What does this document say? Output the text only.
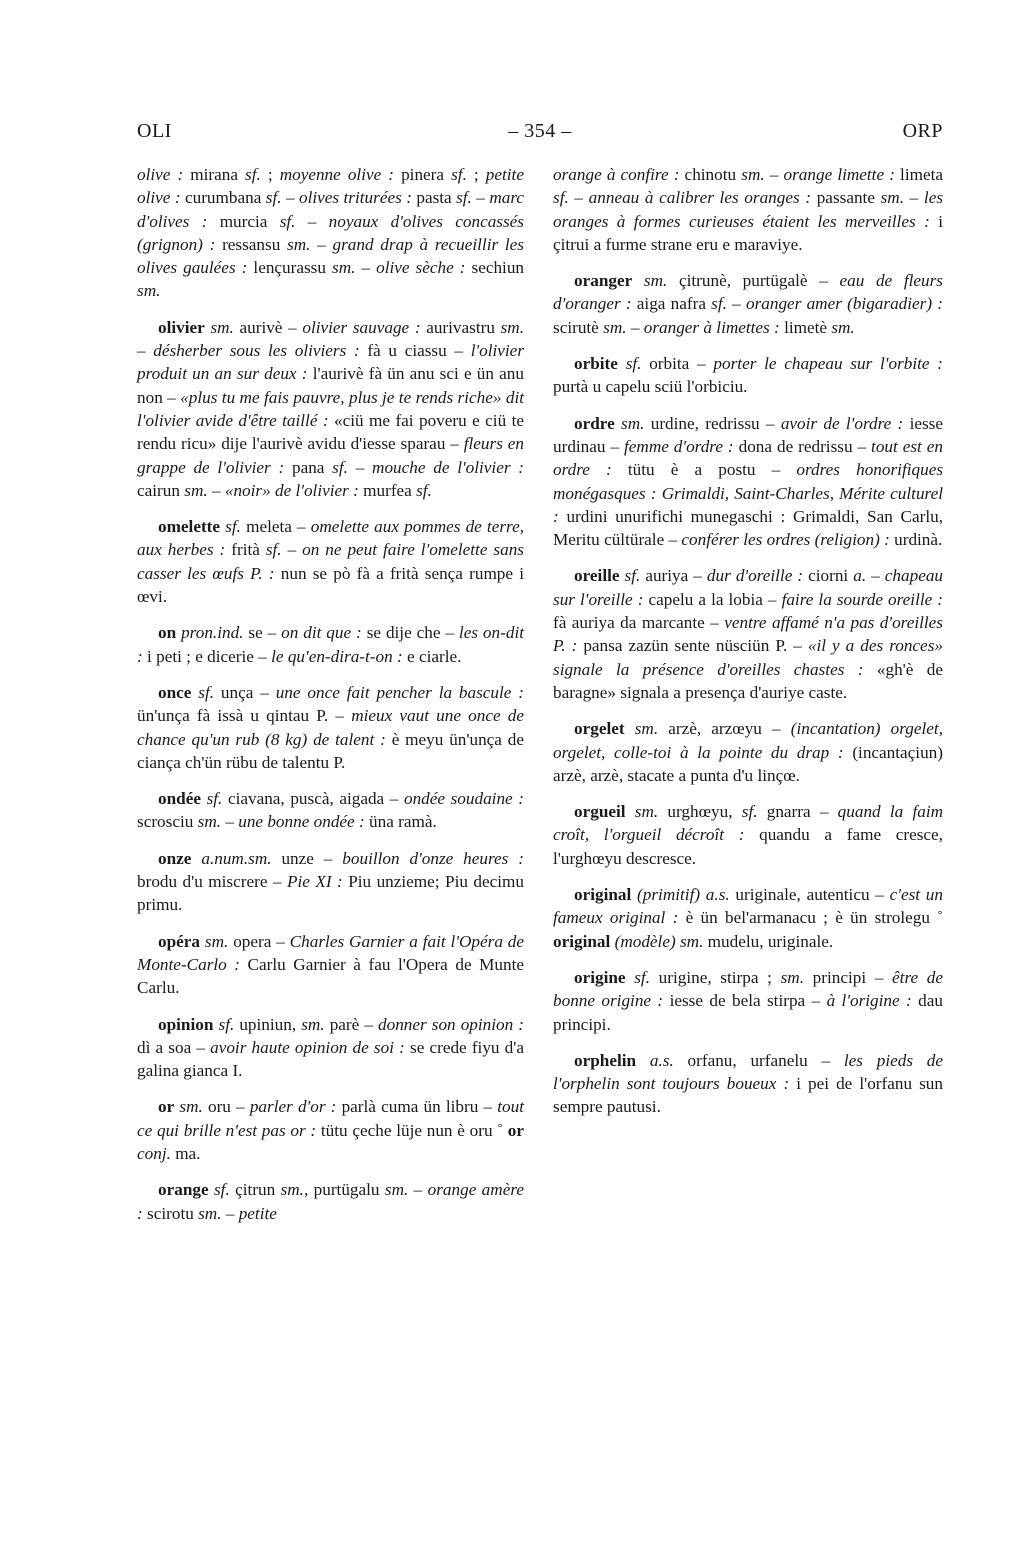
OLI	– 354 –	ORP

olive : mirana sf. ; moyenne olive : pinera sf. ; petite olive : curumbana sf. – olives triturées : pasta sf. – marc d'olives : murcia sf. – noyaux d'olives concassés (grignon) : ressansu sm. – grand drap à recueillir les olives gaulées : lençurassu sm. – olive sèche : sechiun sm.

olivier sm. aurivè – olivier sauvage : aurivastru sm. – désherber sous les oliviers : fà u ciassu – l'olivier produit un an sur deux : l'aurivè fà ün anu sci e ün anu non – «plus tu me fais pauvre, plus je te rends riche» dit l'olivier avide d'être taillé : «ciü me fai poveru e ciü te rendu ricu» dije l'aurivè avidu d'iesse sparau – fleurs en grappe de l'olivier : pana sf. – mouche de l'olivier : cairun sm. – «noir» de l'olivier : murfea sf.

omelette sf. meleta – omelette aux pommes de terre, aux herbes : frità sf. – on ne peut faire l'omelette sans casser les œufs P. : nun se pò fà a frità sença rumpe i œvi.

on pron.ind. se – on dit que : se dije che – les on-dit : i peti ; e dicerie – le qu'en-dira-t-on : e ciarle.

once sf. unça – une once fait pencher la bascule : ün'unça fà issà u qintau P. – mieux vaut une once de chance qu'un rub (8 kg) de talent : è meyu ün'unça de ciança ch'ün rübu de talentu P.

ondée sf. ciavana, puscà, aigada – ondée soudaine : scrosciu sm. – une bonne ondée : üna ramà.

onze a.num.sm. unze – bouillon d'onze heures : brodu d'u miscrere – Pie XI : Piu unzieme; Piu decimu primu.

opéra sm. opera – Charles Garnier a fait l'Opéra de Monte-Carlo : Carlu Garnier à fau l'Opera de Munte Carlu.

opinion sf. upiniun, sm. parè – donner son opinion : dì a soa – avoir haute opinion de soi : se crede fiyu d'a galina gianca I.

or sm. oru – parler d'or : parlà cuma ün libru – tout ce qui brille n'est pas or : tütu çeche lüje nun è oru ˚ or conj. ma.

orange sf. çitrun sm., purtügalu sm. – orange amère : scirotu sm. – petite

orange à confire : chinotu sm. – orange limette : limeta sf. – anneau à calibrer les oranges : passante sm. – les oranges à formes curieuses étaient les merveilles : i çitrui a furme strane eru e maraviye.

oranger sm. çitrunè, purtügalè – eau de fleurs d'oranger : aiga nafra sf. – oranger amer (bigaradier) : scirutè sm. – oranger à limettes : limetè sm.

orbite sf. orbita – porter le chapeau sur l'orbite : purtà u capelu sciü l'orbiciu.

ordre sm. urdine, redrissu – avoir de l'ordre : iesse urdinau – femme d'ordre : dona de redrissu – tout est en ordre : tütu è a postu – ordres honorifiques monégasques : Grimaldi, Saint-Charles, Mérite culturel : urdini unurifichi munegaschi : Grimaldi, San Carlu, Meritu cültürale – conférer les ordres (religion) : urdinà.

oreille sf. auriya – dur d'oreille : ciorni a. – chapeau sur l'oreille : capelu a la lobia – faire la sourde oreille : fà auriya da marcante – ventre affamé n'a pas d'oreilles P. : pansa zazün sente nüsciün P. – «il y a des ronces» signale la présence d'oreilles chastes : «gh'è de baragne» signala a presença d'auriye caste.

orgelet sm. arzè, arzœyu – (incantation) orgelet, orgelet, colle-toi à la pointe du drap : (incantaçiun) arzè, arzè, stacate a punta d'u linçœ.

orgueil sm. urghœyu, sf. gnarra – quand la faim croît, l'orgueil décroît : quandu a fame cresce, l'urghœyu descresce.

original (primitif) a.s. uriginale, autenticu – c'est un fameux original : è ün bel'armanacu ; è ün strolegu ˚ original (modèle) sm. mudelu, uriginale.

origine sf. urigine, stirpa ; sm. principi – être de bonne origine : iesse de bela stirpa – à l'origine : dau principi.

orphelin a.s. orfanu, urfanelu – les pieds de l'orphelin sont toujours boueux : i pei de l'orfanu sun sempre pautusi.
